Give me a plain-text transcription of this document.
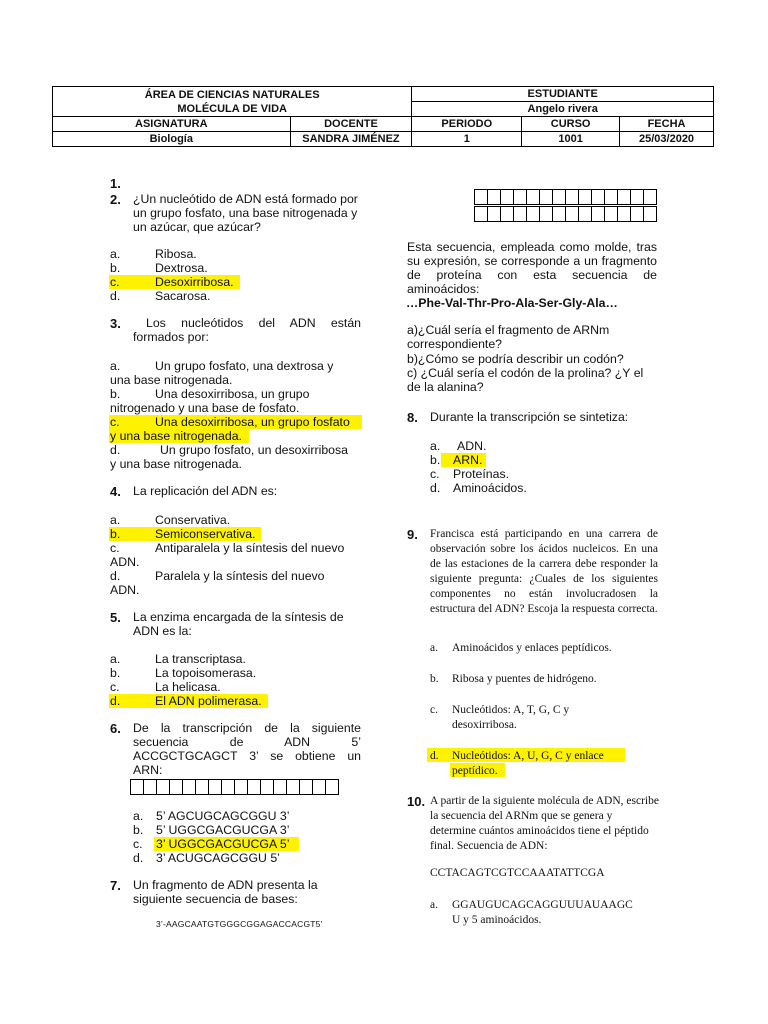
ÁREA DE CIENCIAS NATURALES
MOLÉCULA DE VIDA		ESTUDIANTE		
		Angelo rivera		
ASIGNATURA	DOCENTE	PERIODO	CURSO	FECHA
Biología	SANDRA JIMÉNEZ	1	1001	25/03/2020
1.
2. ¿Un nucleótido de ADN está formado por un grupo fosfato, una base nitrogenada y un azúcar, que azúcar?
a.	Ribosa.
b.	Dextrosa.
c.	Desoxirribosa.
d.	Sacarosa.
3.	Los nucleótidos del ADN están formados por:
a.	Un grupo fosfato, una dextrosa y
una base nitrogenada.
b.	Una desoxirribosa, un grupo
nitrogenado y una base de fosfato.
c.	Una desoxirribosa, un grupo fosfato
y una base nitrogenada.
d.	Un grupo fosfato, un desoxirribosa
y una base nitrogenada.
4. La replicación del ADN es:
a.	Conservativa.
b.	Semiconservativa.
c.	Antiparalela y la síntesis del nuevo
ADN.
d.	Paralela y la síntesis del nuevo
ADN.
5. La enzima encargada de la síntesis de ADN es la:
a.	La transcriptasa.
b.	La topoisomerasa.
c.	La helicasa.
d.	El ADN polimerasa.
6. De la transcripción de la siguiente
secuencia de ADN 5’
ACCGCTGCAGCT 3’ se obtiene un
ARN:
a. 5’ AGCUGCAGCGGU 3’
b. 5’ UGGCGACGUCGA 3’
c. 3’ UGGCGACGUCGA 5’
d. 3’ ACUGCAGCGGU 5’
7. Un fragmento de ADN presenta la siguiente secuencia de bases:
3’-AAGCAATGTGGGCGGAGACCACGT5’
Esta secuencia, empleada como molde, tras su expresión, se corresponde a un fragmento de proteína con esta secuencia de aminoácidos:
…Phe-Val-Thr-Pro-Ala-Ser-Gly-Ala…
a)¿Cuál sería el fragmento de ARNm correspondiente?
b)¿Cómo se podría describir un codón?
c) ¿Cuál sería el codón de la prolina? ¿Y el de la alanina?
8. Durante la transcripción se sintetiza:
a. ADN.
b. ARN.
c. Proteínas.
d. Aminoácidos.
9. Francisca está participando en una carrera de observación sobre los ácidos nucleicos. En una de las estaciones de la carrera debe responder la siguiente pregunta: ¿Cuales de los siguientes componentes no están involucradosen la estructura del ADN? Escoja la respuesta correcta.
a. Aminoácidos y enlaces peptídicos.
b. Ribosa y puentes de hidrógeno.
c. Nucleótidos: A, T, G, C y
desoxirribosa.
d. Nucleótidos: A, U, G, C y enlace
peptídico.
10. A partir de la siguiente molécula de ADN, escribe la secuencia del ARNm que se genera y determine cuántos aminoácidos tiene el péptido final. Secuencia de ADN:
CCTACAGTCGTCCAAATATTCGA
a. GGAUGUCAGCAGGUUUAUAAGC
U y 5 aminoácidos.
